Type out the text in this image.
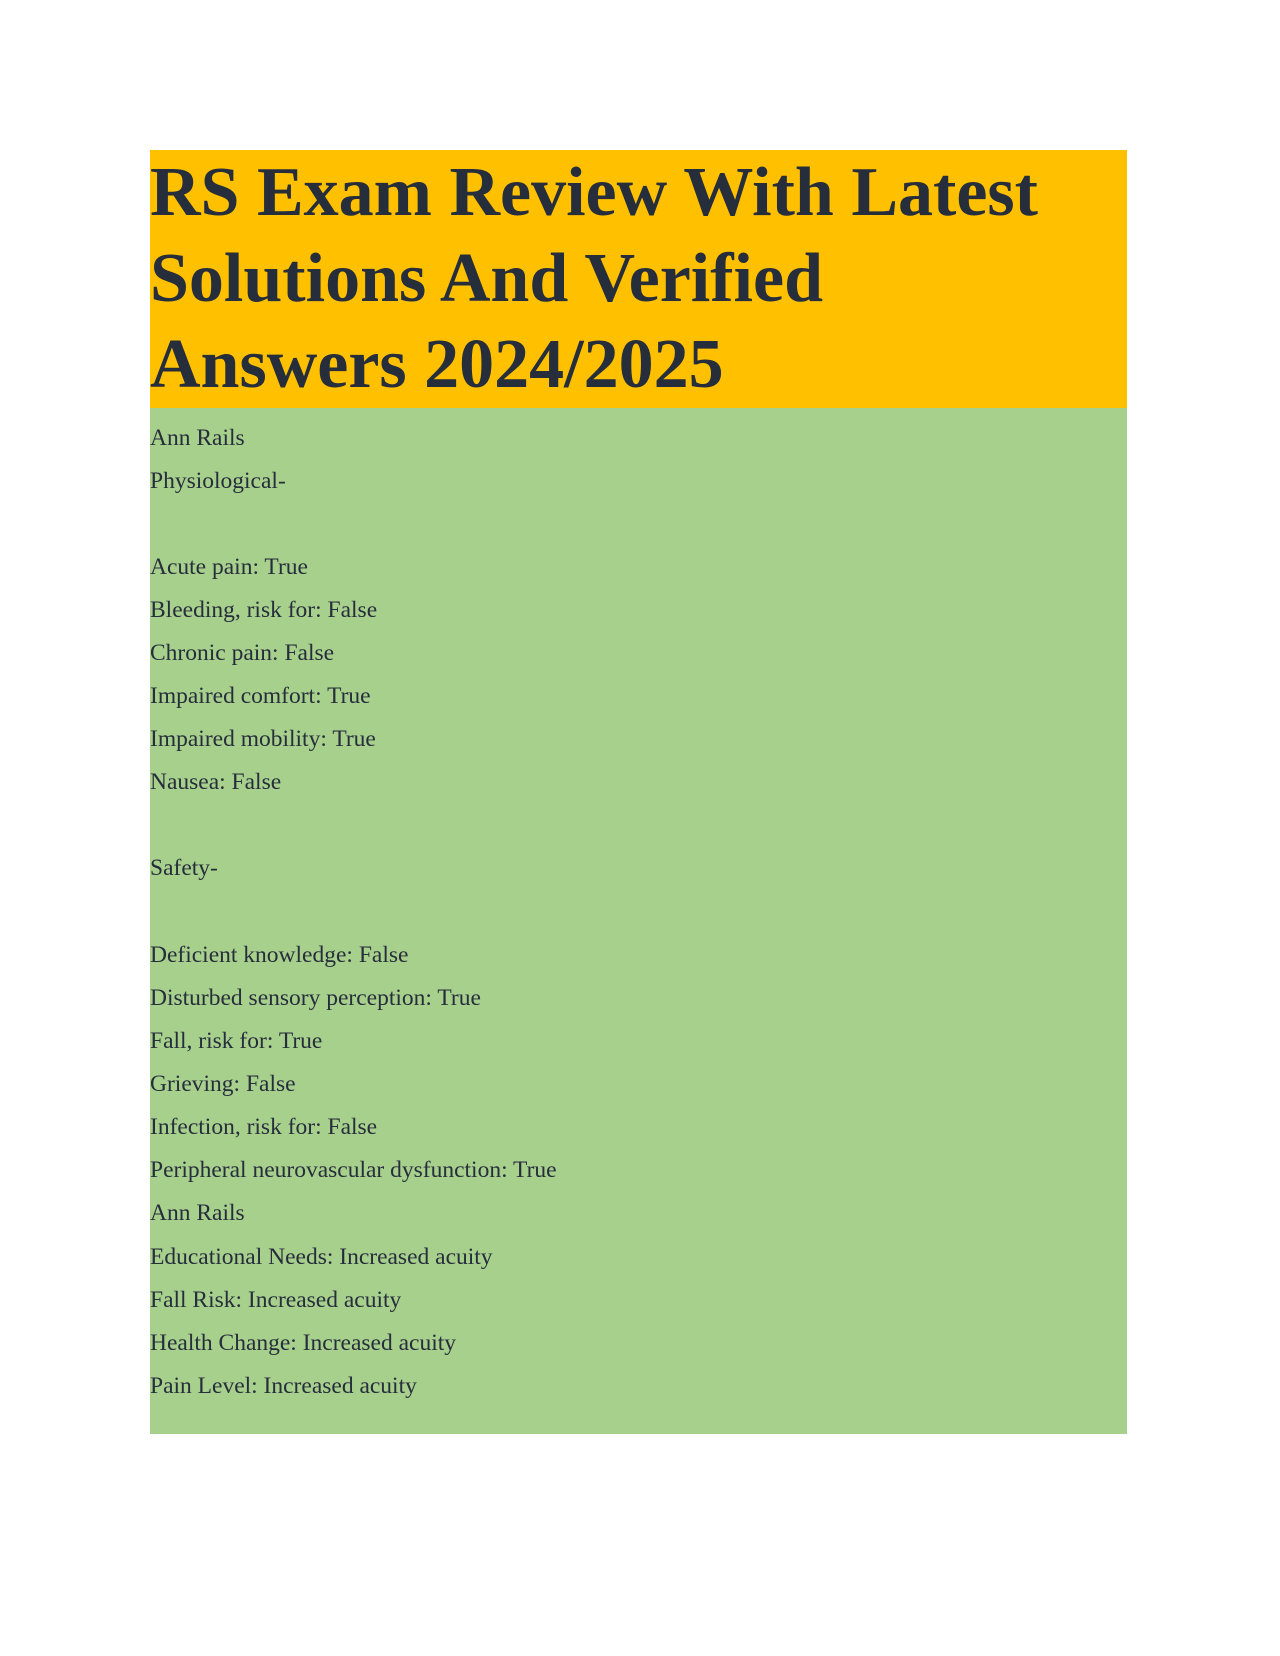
RS Exam Review With Latest
Solutions And Verified
Answers 2024/2025
Ann Rails
Physiological-
Acute pain: True
Bleeding, risk for: False
Chronic pain: False
Impaired comfort: True
Impaired mobility: True
Nausea: False
Safety-
Deficient knowledge: False
Disturbed sensory perception: True
Fall, risk for: True
Grieving: False
Infection, risk for: False
Peripheral neurovascular dysfunction: True
Ann Rails
Educational Needs: Increased acuity
Fall Risk: Increased acuity
Health Change: Increased acuity
Pain Level: Increased acuity
